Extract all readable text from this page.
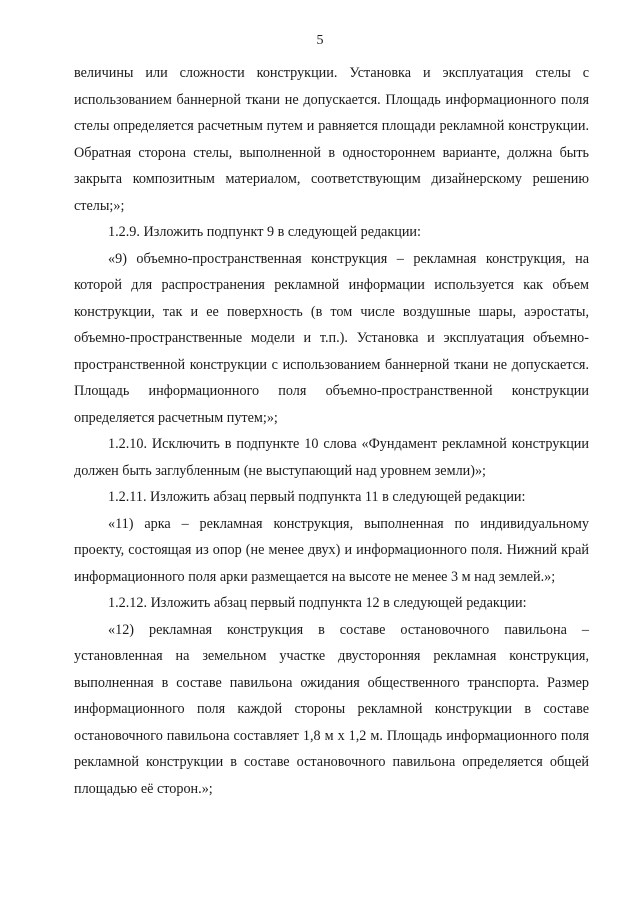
5

величины или сложности конструкции. Установка и эксплуатация стелы с использованием баннерной ткани не допускается. Площадь информационного поля стелы определяется расчетным путем и равняется площади рекламной конструкции. Обратная сторона стелы, выполненной в одностороннем варианте, должна быть закрыта композитным материалом, соответствующим дизайнерскому решению стелы;»;

1.2.9. Изложить подпункт 9 в следующей редакции:

«9) объемно-пространственная конструкция – рекламная конструкция, на которой для распространения рекламной информации используется как объем конструкции, так и ее поверхность (в том числе воздушные шары, аэростаты, объемно-пространственные модели и т.п.). Установка и эксплуатация объемно-пространственной конструкции с использованием баннерной ткани не допускается. Площадь информационного поля объемно-пространственной конструкции определяется расчетным путем;»;

1.2.10. Исключить в подпункте 10 слова «Фундамент рекламной конструкции должен быть заглубленным (не выступающий над уровнем земли)»;

1.2.11. Изложить абзац первый подпункта 11 в следующей редакции:

«11) арка – рекламная конструкция, выполненная по индивидуальному проекту, состоящая из опор (не менее двух) и информационного поля. Нижний край информационного поля арки размещается на высоте не менее 3 м над землей.»;

1.2.12. Изложить абзац первый подпункта 12 в следующей редакции:

«12) рекламная конструкция в составе остановочного павильона – установленная на земельном участке двусторонняя рекламная конструкция, выполненная в составе павильона ожидания общественного транспорта. Размер информационного поля каждой стороны рекламной конструкции в составе остановочного павильона составляет 1,8 м х 1,2 м. Площадь информационного поля рекламной конструкции в составе остановочного павильона определяется общей площадью её сторон.»;
